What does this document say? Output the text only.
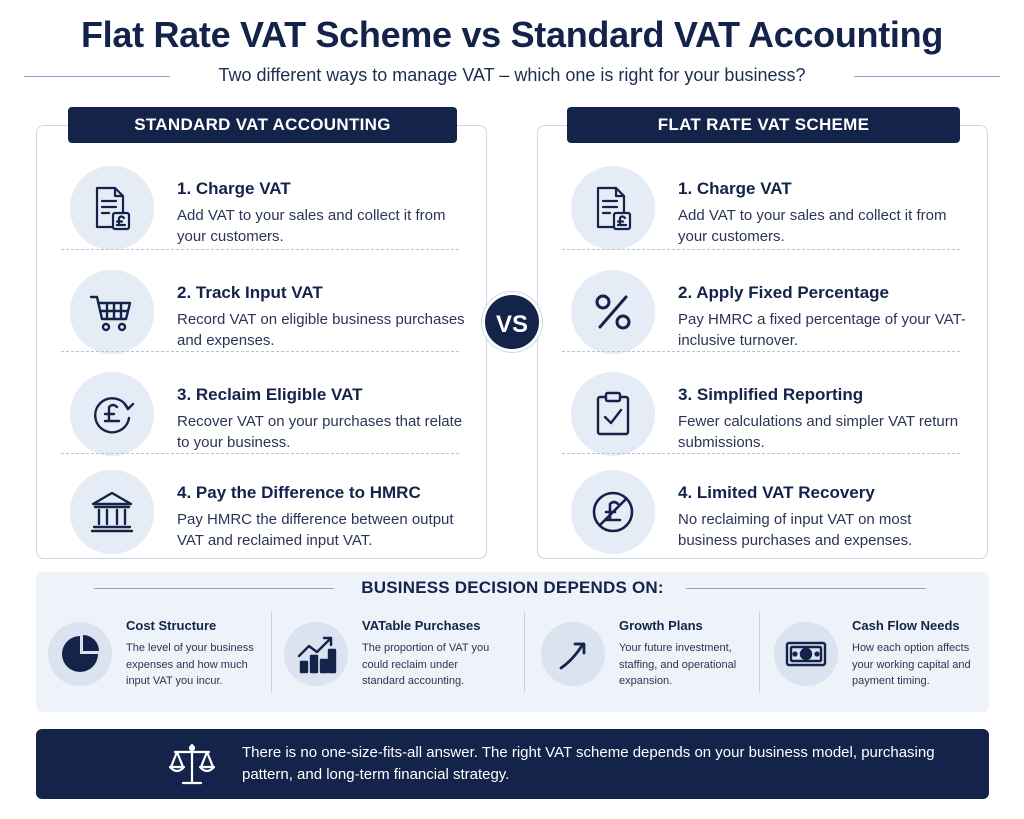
Flat Rate VAT Scheme vs Standard VAT Accounting
Two different ways to manage VAT – which one is right for your business?
1. Charge VAT
Add VAT to your sales and collect it from your customers.
2. Track Input VAT
Record VAT on eligible business purchases and expenses.
3. Reclaim Eligible VAT
Recover VAT on your purchases that relate to your business.
4. Pay the Difference to HMRC
Pay HMRC the difference between output VAT and reclaimed input VAT.
STANDARD VAT ACCOUNTING
1. Charge VAT
Add VAT to your sales and collect it from your customers.
2. Apply Fixed Percentage
Pay HMRC a fixed percentage of your VAT-inclusive turnover.
3. Simplified Reporting
Fewer calculations and simpler VAT return submissions.
4. Limited VAT Recovery
No reclaiming of input VAT on most business purchases and expenses.
FLAT RATE VAT SCHEME
VS
BUSINESS DECISION DEPENDS ON:
Cost Structure
The level of your business expenses and how much input VAT you incur.
VATable Purchases
The proportion of VAT you could reclaim under standard accounting.
Growth Plans
Your future investment, staffing, and operational expansion.
Cash Flow Needs
How each option affects your working capital and payment timing.
There is no one-size-fits-all answer. The right VAT scheme depends on your business model, purchasing pattern, and long-term financial strategy.
